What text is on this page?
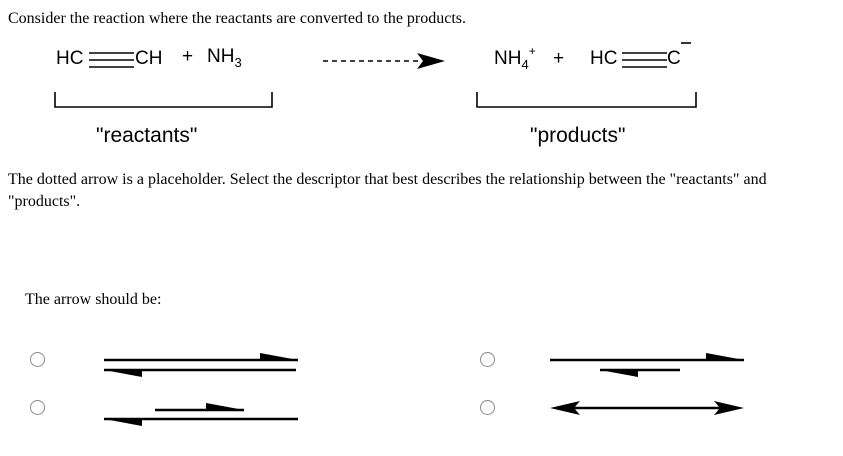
Consider the reaction where the reactants are converted to the products.
HC	CH + $NH_3$	$NH_4^+$ + HC	C
"reactants"	"products"
The dotted arrow is a placeholder. Select the descriptor that best describes the relationship between the "reactants" and "products".
The arrow should be:
